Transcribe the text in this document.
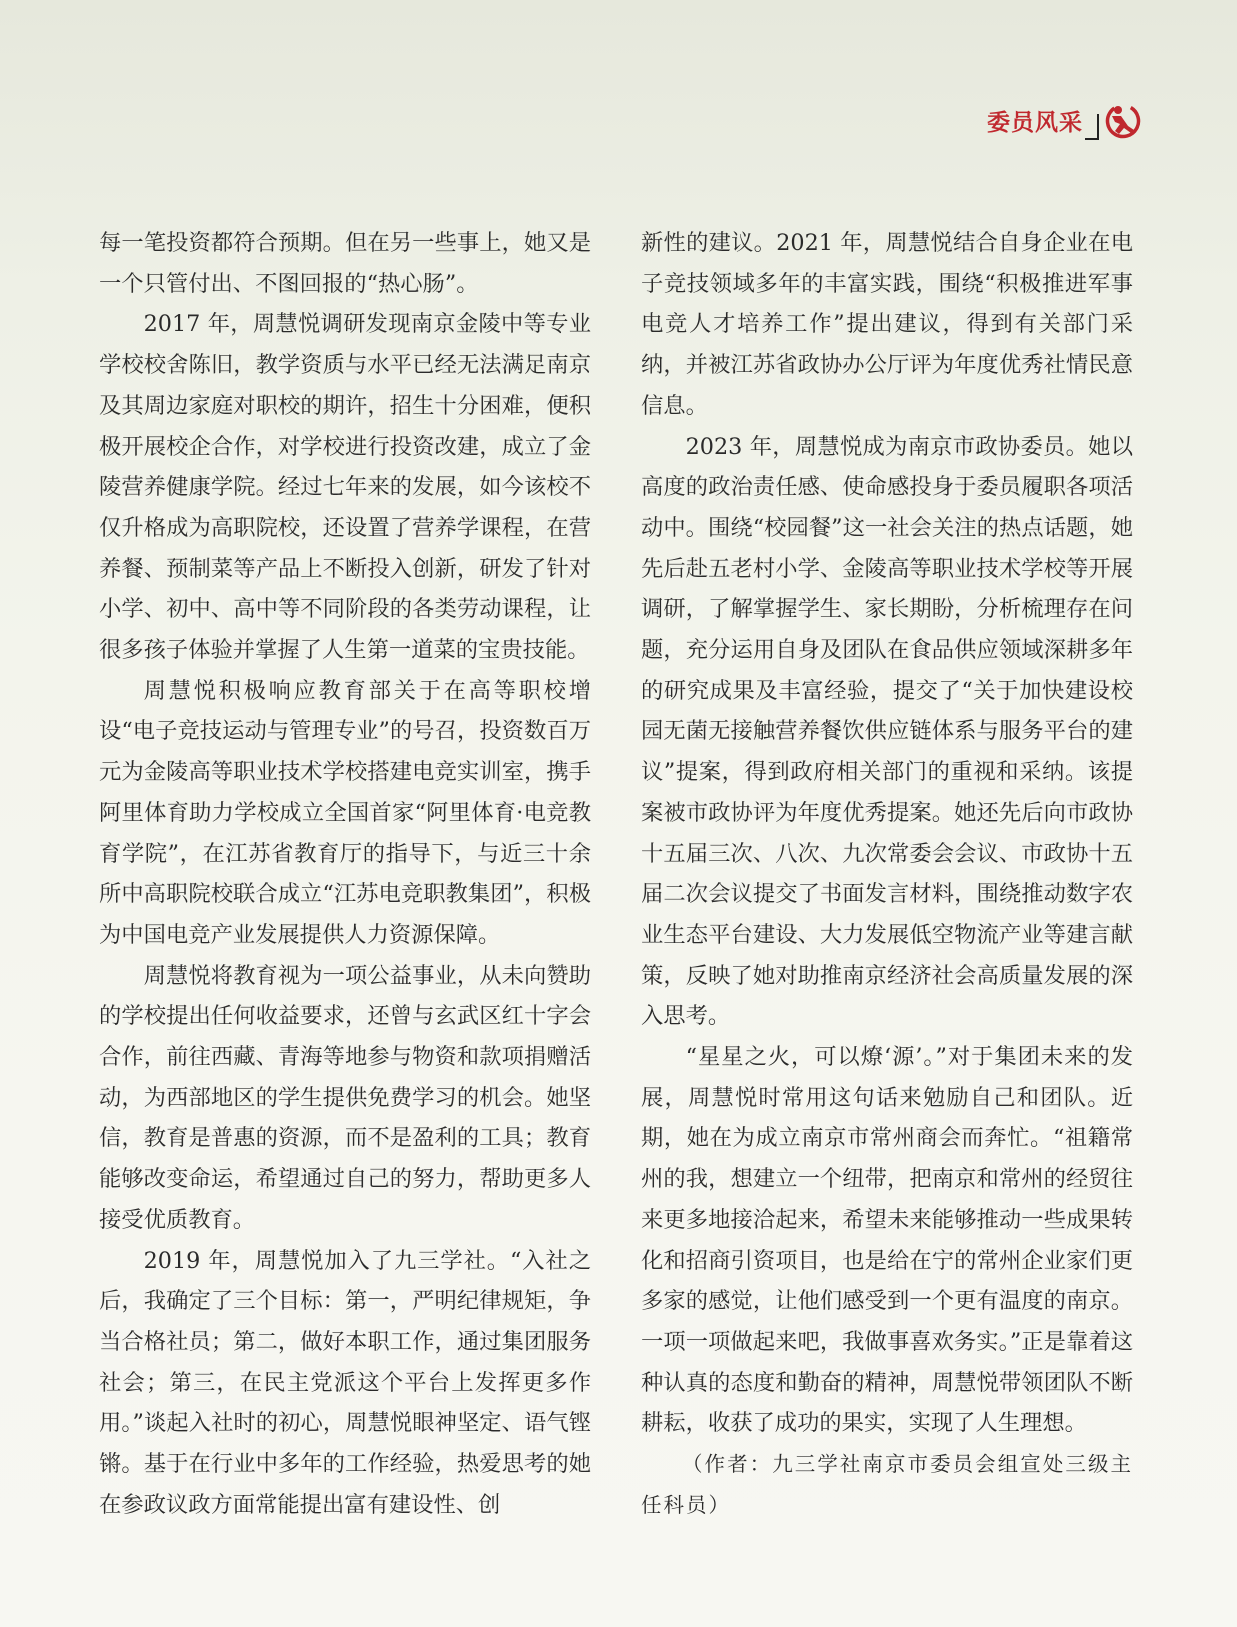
委员风采

每一笔投资都符合预期。但在另一些事上，她又是一个只管付出、不图回报的“热心肠”。

2017 年，周慧悦调研发现南京金陵中等专业学校校舍陈旧，教学资质与水平已经无法满足南京及其周边家庭对职校的期许，招生十分困难，便积极开展校企合作，对学校进行投资改建，成立了金陵营养健康学院。经过七年来的发展，如今该校不仅升格成为高职院校，还设置了营养学课程，在营养餐、预制菜等产品上不断投入创新，研发了针对小学、初中、高中等不同阶段的各类劳动课程，让很多孩子体验并掌握了人生第一道菜的宝贵技能。

周慧悦积极响应教育部关于在高等职校增设“电子竞技运动与管理专业”的号召，投资数百万元为金陵高等职业技术学校搭建电竞实训室，携手阿里体育助力学校成立全国首家“阿里体育·电竞教育学院”，在江苏省教育厅的指导下，与近三十余所中高职院校联合成立“江苏电竞职教集团”，积极为中国电竞产业发展提供人力资源保障。

周慧悦将教育视为一项公益事业，从未向赞助的学校提出任何收益要求，还曾与玄武区红十字会合作，前往西藏、青海等地参与物资和款项捐赠活动，为西部地区的学生提供免费学习的机会。她坚信，教育是普惠的资源，而不是盈利的工具；教育能够改变命运，希望通过自己的努力，帮助更多人接受优质教育。

2019 年，周慧悦加入了九三学社。“入社之后，我确定了三个目标：第一，严明纪律规矩，争当合格社员；第二，做好本职工作，通过集团服务社会；第三，在民主党派这个平台上发挥更多作用。”谈起入社时的初心，周慧悦眼神坚定、语气铿锵。基于在行业中多年的工作经验，热爱思考的她在参政议政方面常能提出富有建设性、创

新性的建议。2021 年，周慧悦结合自身企业在电子竞技领域多年的丰富实践，围绕“积极推进军事电竞人才培养工作”提出建议，得到有关部门采纳，并被江苏省政协办公厅评为年度优秀社情民意信息。

2023 年，周慧悦成为南京市政协委员。她以高度的政治责任感、使命感投身于委员履职各项活动中。围绕“校园餐”这一社会关注的热点话题，她先后赴五老村小学、金陵高等职业技术学校等开展调研，了解掌握学生、家长期盼，分析梳理存在问题，充分运用自身及团队在食品供应领域深耕多年的研究成果及丰富经验，提交了“关于加快建设校园无菌无接触营养餐饮供应链体系与服务平台的建议”提案，得到政府相关部门的重视和采纳。该提案被市政协评为年度优秀提案。她还先后向市政协十五届三次、八次、九次常委会会议、市政协十五届二次会议提交了书面发言材料，围绕推动数字农业生态平台建设、大力发展低空物流产业等建言献策，反映了她对助推南京经济社会高质量发展的深入思考。

“星星之火，可以燎‘源’。”对于集团未来的发展，周慧悦时常用这句话来勉励自己和团队。近期，她在为成立南京市常州商会而奔忙。“祖籍常州的我，想建立一个纽带，把南京和常州的经贸往来更多地接洽起来，希望未来能够推动一些成果转化和招商引资项目，也是给在宁的常州企业家们更多家的感觉，让他们感受到一个更有温度的南京。一项一项做起来吧，我做事喜欢务实。”正是靠着这种认真的态度和勤奋的精神，周慧悦带领团队不断耕耘，收获了成功的果实，实现了人生理想。

（作者：九三学社南京市委员会组宣处三级主任科员）
